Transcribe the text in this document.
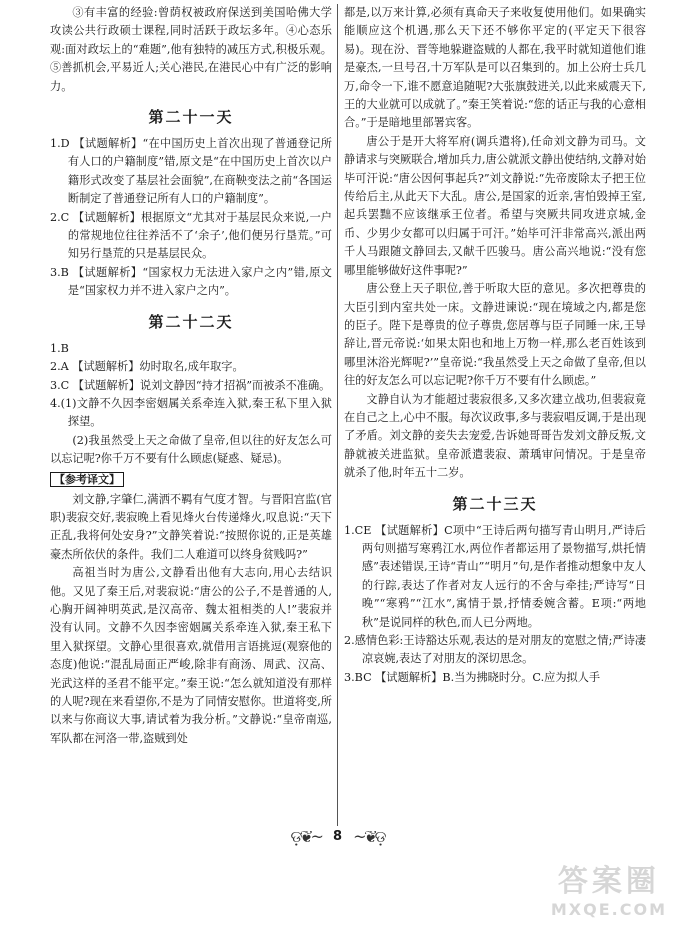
③有丰富的经验:曾荫权被政府保送到美国哈佛大学攻读公共行政硕士课程,同时活跃于政坛多年。④心态乐观:面对政坛上的“难题”,他有独特的减压方式,积极乐观。⑤善抓机会,平易近人;关心港民,在港民心中有广泛的影响力。

第二十一天

1.D 【试题解析】“在中国历史上首次出现了普通登记所有人口的户籍制度”错,原文是“在中国历史上首次以户籍形式改变了基层社会面貌”,在商鞅变法之前“各国运断制定了普通登记所有人口的户籍制度”。

2.C 【试题解析】根据原文“尤其对于基层民众来说,一户的常规地位往往养活不了‘余子’,他们便另行垦荒。”可知另行垦荒的只是基层民众。

3.B 【试题解析】“国家权力无法进入家户之内”错,原文是“国家权力并不进入家户之内”。

第二十二天

1.B

2.A 【试题解析】幼时取名,成年取字。

3.C 【试题解析】说刘文静因“持才招祸”而被杀不准确。

4.(1)文静不久因李密姻属关系牵连入狱,秦王私下里入狱探望。

(2)我虽然受上天之命做了皇帝,但以往的好友怎么可以忘记呢?你千万不要有什么顾虑(疑惑、疑忌)。

【参考译文】

刘文静,字肇仁,满洒不羁有气度才智。与晋阳宫监(官职)裴寂交好,裴寂晚上看见烽火台传递烽火,叹息说:“天下正乱,我将何处安身?”文静笑着说:“按照你说的,正是英雄豪杰所依伏的条件。我们二人难道可以终身贫贱吗?”

高祖当时为唐公,文静看出他有大志向,用心去结识他。又见了秦王后,对裴寂说:“唐公的公子,不是普通的人,心胸开阔神明英武,是汉高帝、魏太祖相类的人!”裴寂并没有认同。文静不久因李密姻属关系牵连入狱,秦王私下里入狱探望。文静心里很喜欢,就借用言语挑逗(观察他的态度)他说:“混乱局面正严峻,除非有商汤、周武、汉高、光武这样的圣君不能平定。”秦王说:“怎么就知道没有那样的人呢?现在来看望你,不是为了同情安慰你。世道将变,所以来与你商议大事,请试着为我分析。”文静说:“皇帝南巡,军队都在河洛一带,盗贼到处

都是,以万来计算,必须有真命天子来收复使用他们。如果确实能顺应这个机遇,那么天下还不够你平定的(平定天下很容易)。现在汾、晋等地躲避盗贼的人都在,我平时就知道他们谁是豪杰,一旦号召,十万军队是可以召集到的。加上公府士兵几万,命令一下,谁不愿意追随呢?大张旗鼓进关,以此来威震天下,王的大业就可以成就了。”秦王笑着说:“您的话正与我的心意相合。”于是暗地里部署宾客。

唐公于是开大将军府(调兵遣将),任命刘文静为司马。文静请求与突厥联合,增加兵力,唐公就派文静出使结纳,文静对始毕可汗说:“唐公因何事起兵?”刘文静说:“先帝废除太子把王位传给后主,从此天下大乱。唐公,是国家的近亲,害怕毁掉王室,起兵罢黜不应该继承王位者。希望与突厥共同攻进京城,金币、少男少女都可以归属于可汗。”始毕可汗非常高兴,派出两千人马跟随文静回去,又献千匹骏马。唐公高兴地说:“没有您哪里能够做好这件事呢?”

唐公登上天子职位,善于听取大臣的意见。多次把尊贵的大臣引到内室共处一床。文静进谏说:“现在境域之内,都是您的臣子。陛下是尊贵的位子尊贵,您居尊与臣子同睡一床,王导辞让,晋元帝说:‘如果太阳也和地上万物一样,那么老百姓该到哪里沐浴光辉呢?’”皇帝说:“我虽然受上天之命做了皇帝,但以往的好友怎么可以忘记呢?你千万不要有什么顾虑。”

文静自认为才能超过裴寂很多,又多次建立战功,但裴寂竟在自己之上,心中不服。每次议政事,多与裴寂唱反调,于是出现了矛盾。刘文静的妾失去宠爱,告诉她哥哥告发刘文静反叛,文静就被关进监狱。皇帝派遣裴寂、萧瑀审问情况。于是皇帝就杀了他,时年五十二岁。

第二十三天

1.CE 【试题解析】C项中“王诗后两句描写青山明月,严诗后两句则描写寒鸦江水,两位作者都运用了景物描写,烘托情感”表述错误,王诗“青山”“明月”句,是作者推动想象中友人的行踪,表达了作者对友人远行的不舍与牵挂;严诗写“日晚”“寒鸦”“江水”,寓情于景,抒情委婉含蓄。E项:“两地秋”是说同样的秋色,而人已分两地。

2.感情色彩:王诗豁达乐观,表达的是对朋友的宽慰之情;严诗凄凉哀婉,表达了对朋友的深切思念。

3.BC 【试题解析】B.当为拂晓时分。C.应为拟人手

ଡ଼❦~ 8 ~❦ଡ଼
答案圈
MXQE.COM
